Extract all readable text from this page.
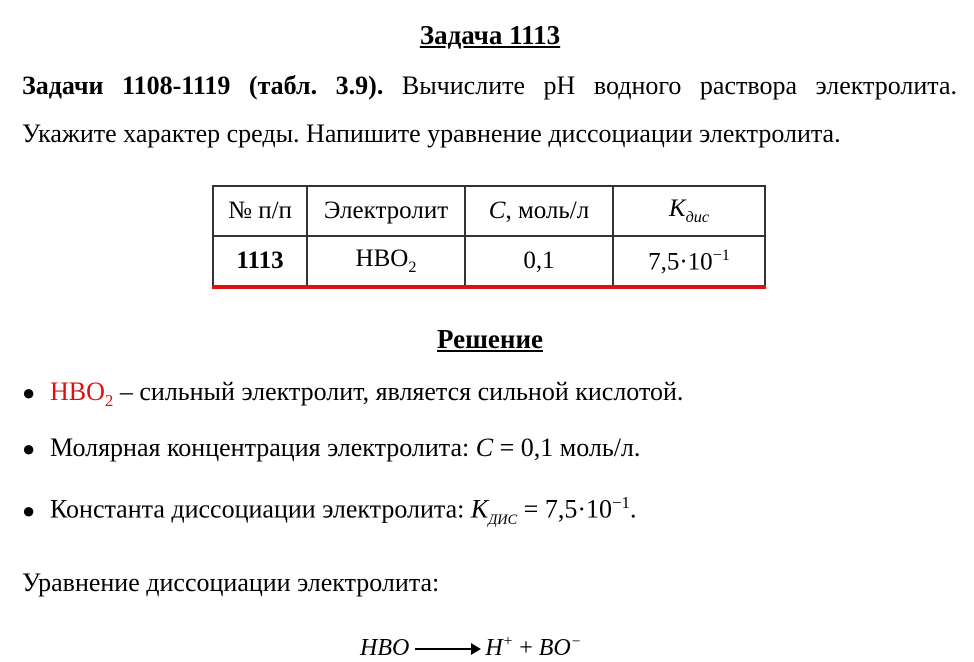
Задача 1113
Задачи 1108-1119 (табл. 3.9). Вычислите pH водного раствора электролита.
Укажите характер среды. Напишите уравнение диссоциации электролита.
№ п/п	Электролит	C, моль/л	$K_{дис}$
1113	$HBO_2$	0,1	$7,5\cdot 10^{-1}$
Решение
● $HBO_2$ – сильный электролит, является сильной кислотой.
● Молярная концентрация электролита: C = 0,1 моль/л.
● Константа диссоциации электролита: $K_{ДИС} = 7,5\cdot 10^{-1}$.
Уравнение диссоциации электролита:
HBO	H+ + BO−
